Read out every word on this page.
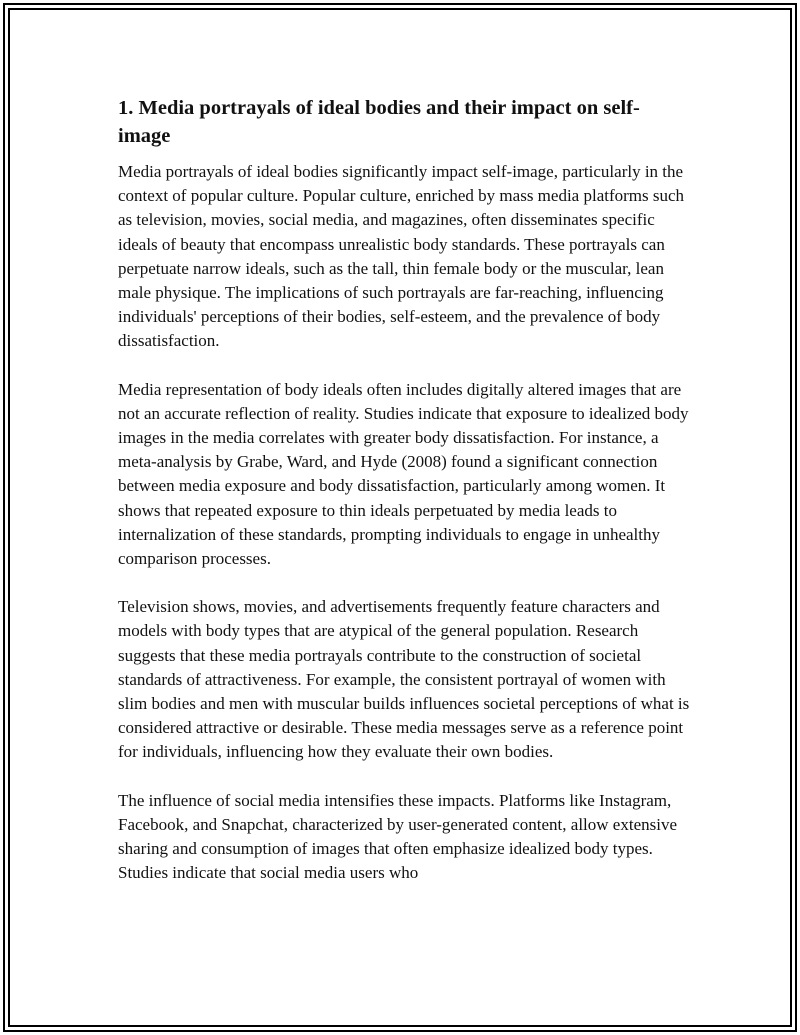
1. Media portrayals of ideal bodies and their impact on self-image

Media portrayals of ideal bodies significantly impact self-image, particularly in the context of popular culture. Popular culture, enriched by mass media platforms such as television, movies, social media, and magazines, often disseminates specific ideals of beauty that encompass unrealistic body standards. These portrayals can perpetuate narrow ideals, such as the tall, thin female body or the muscular, lean male physique. The implications of such portrayals are far-reaching, influencing individuals' perceptions of their bodies, self-esteem, and the prevalence of body dissatisfaction.

Media representation of body ideals often includes digitally altered images that are not an accurate reflection of reality. Studies indicate that exposure to idealized body images in the media correlates with greater body dissatisfaction. For instance, a meta-analysis by Grabe, Ward, and Hyde (2008) found a significant connection between media exposure and body dissatisfaction, particularly among women. It shows that repeated exposure to thin ideals perpetuated by media leads to internalization of these standards, prompting individuals to engage in unhealthy comparison processes.

Television shows, movies, and advertisements frequently feature characters and models with body types that are atypical of the general population. Research suggests that these media portrayals contribute to the construction of societal standards of attractiveness. For example, the consistent portrayal of women with slim bodies and men with muscular builds influences societal perceptions of what is considered attractive or desirable. These media messages serve as a reference point for individuals, influencing how they evaluate their own bodies.

The influence of social media intensifies these impacts. Platforms like Instagram, Facebook, and Snapchat, characterized by user-generated content, allow extensive sharing and consumption of images that often emphasize idealized body types. Studies indicate that social media users who
